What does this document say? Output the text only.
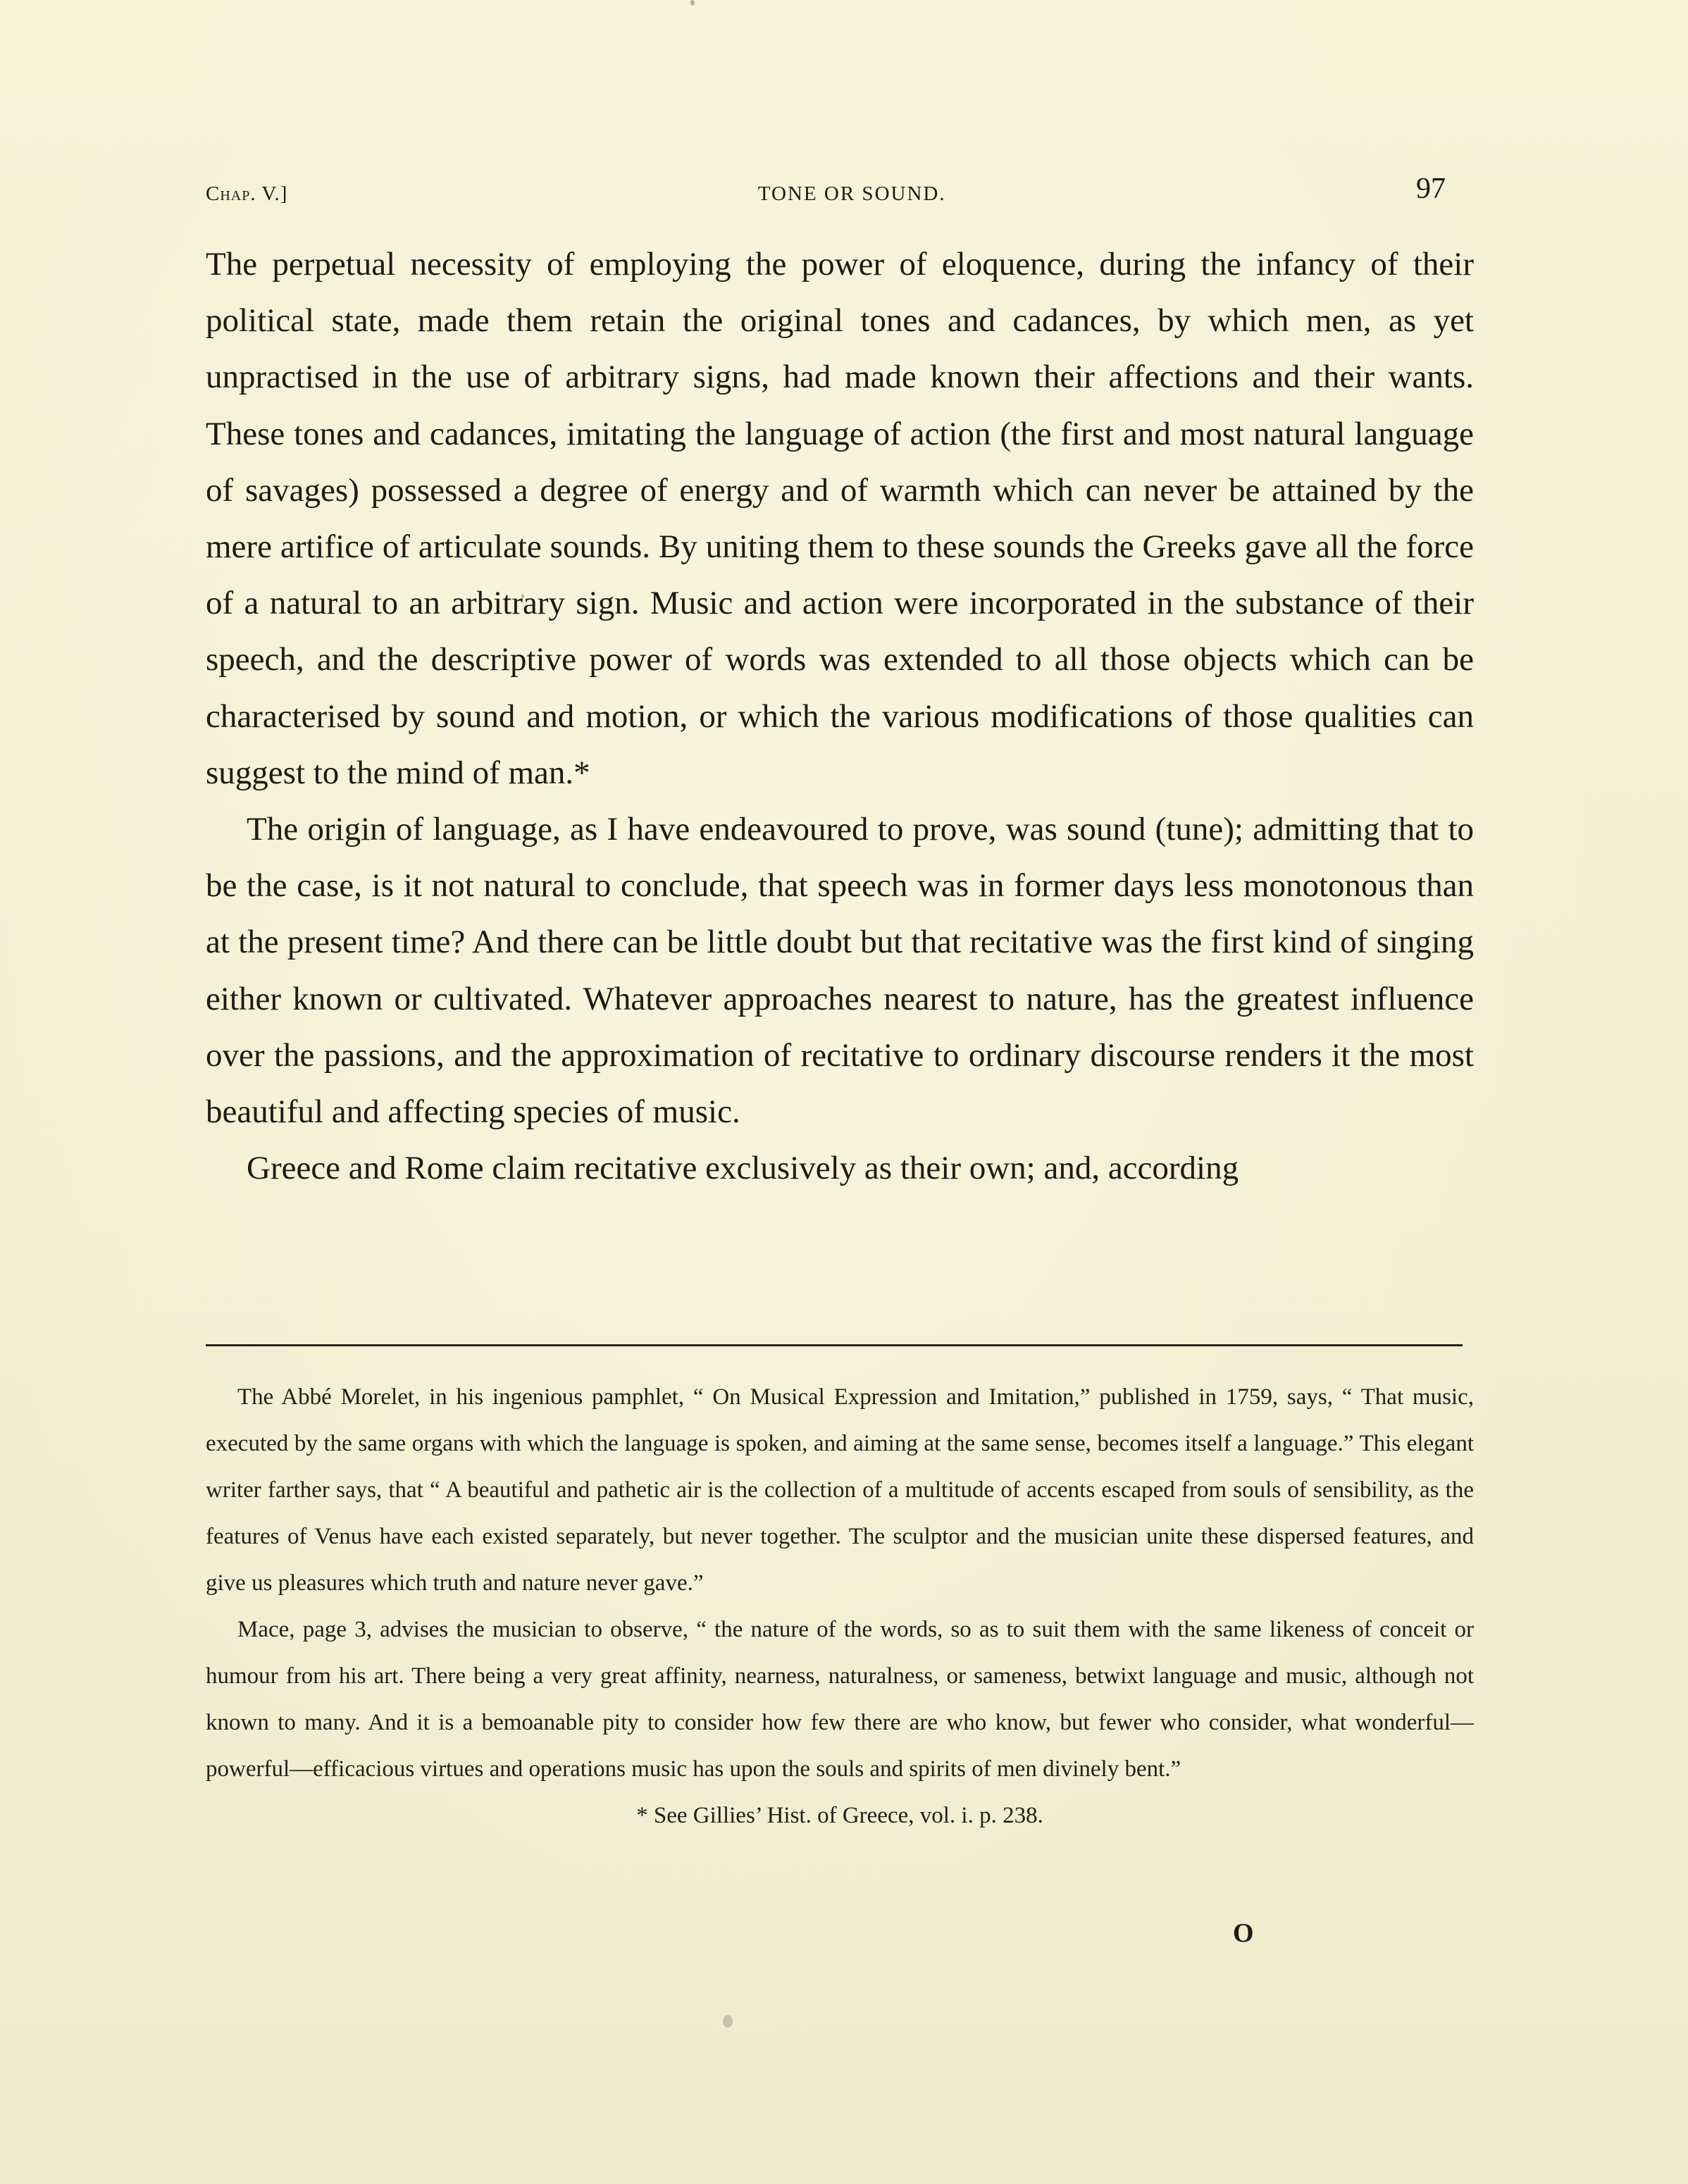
Chap. V.]	TONE OR SOUND.	97

The perpetual necessity of employing the power of eloquence, during the infancy of their political state, made them retain the original tones and cadances, by which men, as yet unpractised in the use of arbitrary signs, had made known their affections and their wants. These tones and cadances, imitating the language of action (the first and most natural language of savages) possessed a degree of energy and of warmth which can never be attained by the mere artifice of articulate sounds. By uniting them to these sounds the Greeks gave all the force of a natural to an arbitrary sign. Music and action were incorporated in the substance of their speech, and the descriptive power of words was extended to all those objects which can be characterised by sound and motion, or which the various modifications of those qualities can suggest to the mind of man.*

The origin of language, as I have endeavoured to prove, was sound (tune); admitting that to be the case, is it not natural to conclude, that speech was in former days less monotonous than at the present time? And there can be little doubt but that recitative was the first kind of singing either known or cultivated. Whatever approaches nearest to nature, has the greatest influence over the passions, and the approximation of recitative to ordinary discourse renders it the most beautiful and affecting species of music.

Greece and Rome claim recitative exclusively as their own; and, according

The Abbé Morelet, in his ingenious pamphlet, “ On Musical Expression and Imitation,” published in 1759, says, “ That music, executed by the same organs with which the language is spoken, and aiming at the same sense, becomes itself a language.” This elegant writer farther says, that “ A beautiful and pathetic air is the collection of a multitude of accents escaped from souls of sensibility, as the features of Venus have each existed separately, but never together. The sculptor and the musician unite these dispersed features, and give us pleasures which truth and nature never gave.”

Mace, page 3, advises the musician to observe, “ the nature of the words, so as to suit them with the same likeness of conceit or humour from his art. There being a very great affinity, nearness, naturalness, or sameness, betwixt language and music, although not known to many. And it is a bemoanable pity to consider how few there are who know, but fewer who consider, what wonderful—powerful—efficacious virtues and operations music has upon the souls and spirits of men divinely bent.”

* See Gillies’ Hist. of Greece, vol. i. p. 238.

O
